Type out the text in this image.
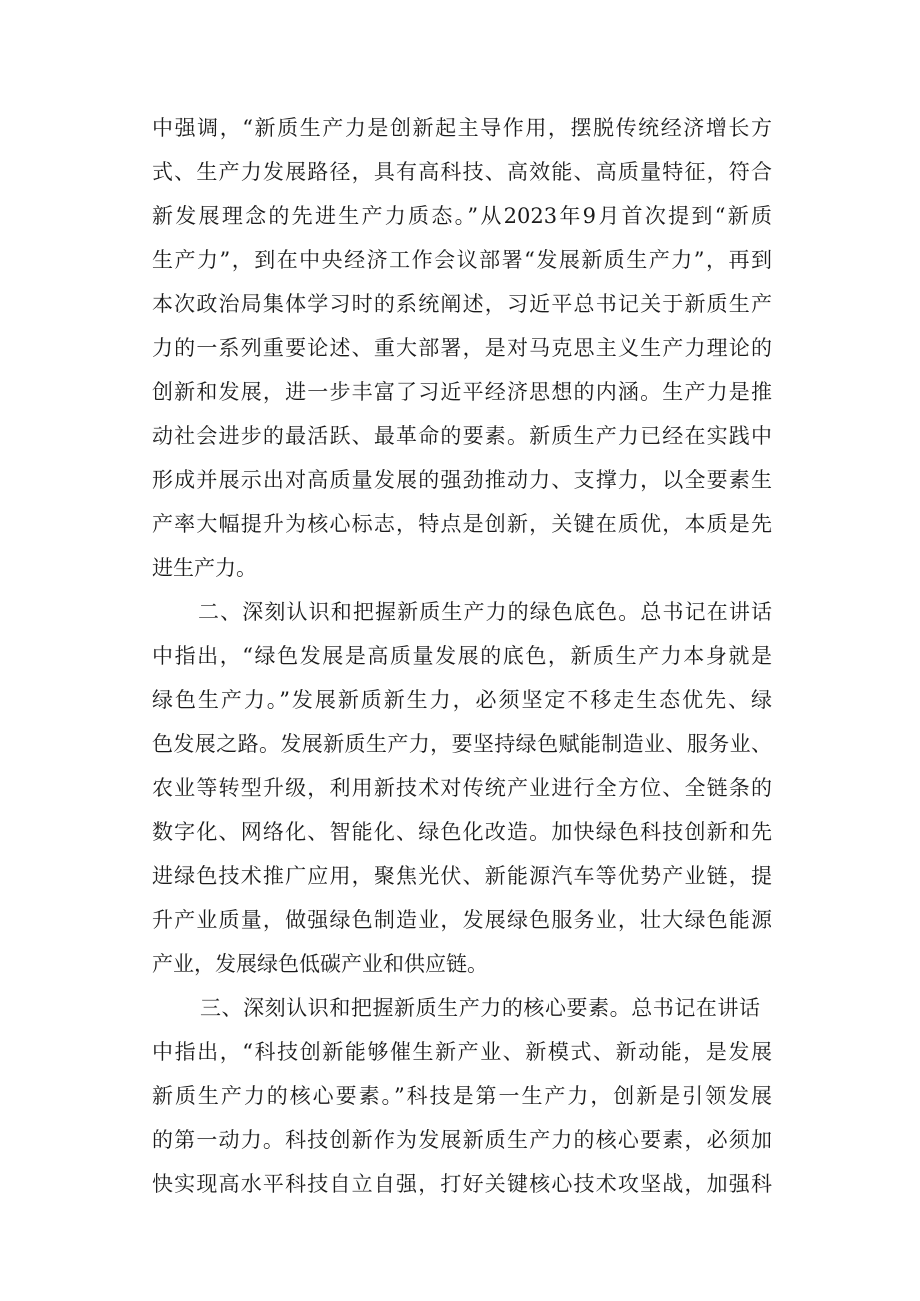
中强调，“新质生产力是创新起主导作用，摆脱传统经济增长方
式、生产力发展路径，具有高科技、高效能、高质量特征，符合
新发展理念的先进生产力质态。”从2023年9月首次提到“新质
生产力”，到在中央经济工作会议部署“发展新质生产力”，再到
本次政治局集体学习时的系统阐述，习近平总书记关于新质生产
力的一系列重要论述、重大部署，是对马克思主义生产力理论的
创新和发展，进一步丰富了习近平经济思想的内涵。生产力是推
动社会进步的最活跃、最革命的要素。新质生产力已经在实践中
形成并展示出对高质量发展的强劲推动力、支撑力，以全要素生
产率大幅提升为核心标志，特点是创新，关键在质优，本质是先
进生产力。
二、深刻认识和把握新质生产力的绿色底色。总书记在讲话
中指出，“绿色发展是高质量发展的底色，新质生产力本身就是
绿色生产力。”发展新质新生力，必须坚定不移走生态优先、绿
色发展之路。发展新质生产力，要坚持绿色赋能制造业、服务业、
农业等转型升级，利用新技术对传统产业进行全方位、全链条的
数字化、网络化、智能化、绿色化改造。加快绿色科技创新和先
进绿色技术推广应用，聚焦光伏、新能源汽车等优势产业链，提
升产业质量，做强绿色制造业，发展绿色服务业，壮大绿色能源
产业，发展绿色低碳产业和供应链。
三、深刻认识和把握新质生产力的核心要素。总书记在讲话
中指出，“科技创新能够催生新产业、新模式、新动能，是发展
新质生产力的核心要素。”科技是第一生产力，创新是引领发展
的第一动力。科技创新作为发展新质生产力的核心要素，必须加
快实现高水平科技自立自强，打好关键核心技术攻坚战，加强科
